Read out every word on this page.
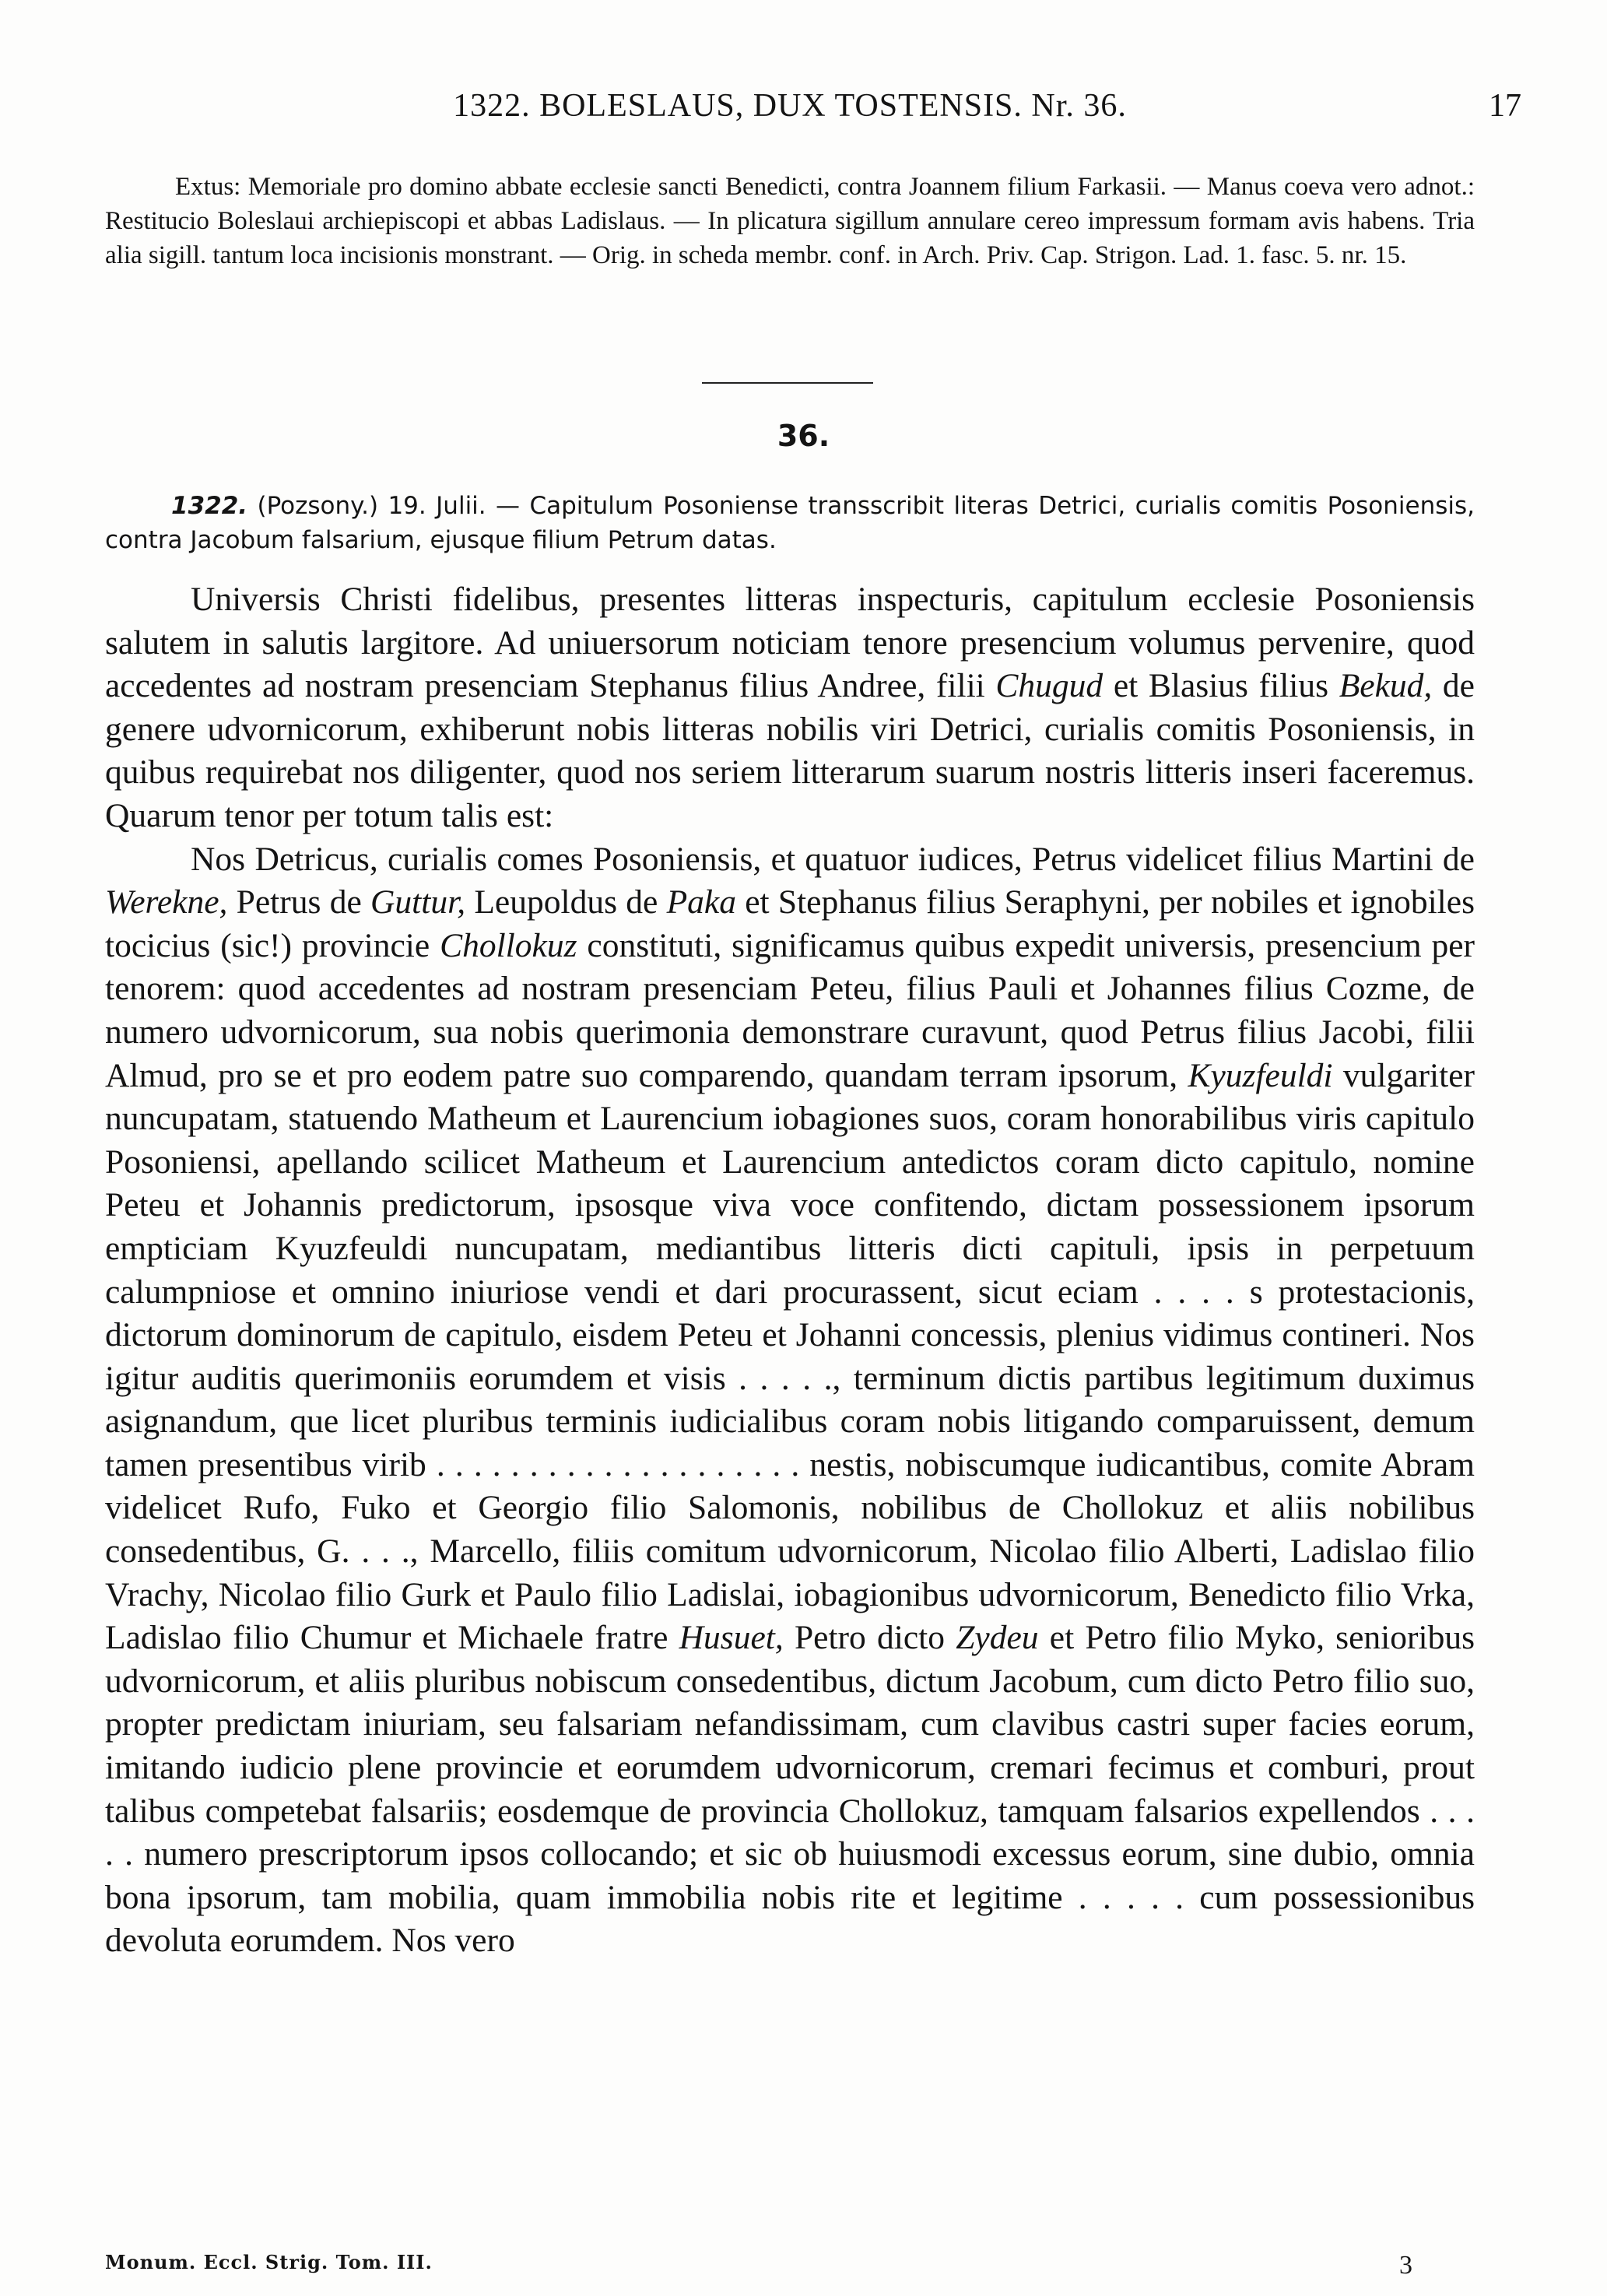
1322. BOLESLAUS, DUX TOSTENSIS. Nr. 36.	17
Extus: Memoriale pro domino abbate ecclesie sancti Benedicti, contra Joannem filium Farkasii. — Manus coeva vero adnot.: Restitucio Boleslaui archiepiscopi et abbas Ladislaus. — In plicatura sigillum annulare cereo impressum formam avis habens. Tria alia sigill. tantum loca incisionis monstrant. — Orig. in scheda membr. conf. in Arch. Priv. Cap. Strigon. Lad. 1. fasc. 5. nr. 15.
36.
1322. (Pozsony.) 19. Julii. — Capitulum Posoniense transscribit literas Detrici, curialis comitis Posoniensis, contra Jacobum falsarium, ejusque filium Petrum datas.

Universis Christi fidelibus, presentes litteras inspecturis, capitulum ecclesie Posoniensis salutem in salutis largitore. Ad uniuersorum noticiam tenore presencium volumus pervenire, quod accedentes ad nostram presenciam Stephanus filius Andree, filii Chugud et Blasius filius Bekud, de genere udvornicorum, exhiberunt nobis litteras nobilis viri Detrici, curialis comitis Posoniensis, in quibus requirebat nos diligenter, quod nos seriem litterarum suarum nostris litteris inseri faceremus. Quarum tenor per totum talis est:

Nos Detricus, curialis comes Posoniensis, et quatuor iudices, Petrus videlicet filius Martini de Werekne, Petrus de Guttur, Leupoldus de Paka et Stephanus filius Seraphyni, per nobiles et ignobiles tocicius (sic!) provincie Chollokuz constituti, significamus quibus expedit universis, presencium per tenorem: quod accedentes ad nostram presenciam Peteu, filius Pauli et Johannes filius Cozme, de numero udvornicorum, sua nobis querimonia demonstrare curavunt, quod Petrus filius Jacobi, filii Almud, pro se et pro eodem patre suo comparendo, quandam terram ipsorum, Kyuzfeuldi vulgariter nuncupatam, statuendo Matheum et Laurencium iobagiones suos, coram honorabilibus viris capitulo Posoniensi, apellando scilicet Matheum et Laurencium antedictos coram dicto capitulo, nomine Peteu et Johannis predictorum, ipsosque viva voce confitendo, dictam possessionem ipsorum empticiam Kyuzfeuldi nuncupatam, mediantibus litteris dicti capituli, ipsis in perpetuum calumpniose et omnino iniuriose vendi et dari procurassent, sicut eciam . . . . s protestacionis, dictorum dominorum de capitulo, eisdem Peteu et Johanni concessis, plenius vidimus contineri. Nos igitur auditis querimoniis eorumdem et visis . . . . ., terminum dictis partibus legitimum duximus asignandum, que licet pluribus terminis iudicialibus coram nobis litigando comparuissent, demum tamen presentibus virib . . . . . . . . . . . . . . . . . . . . nestis, nobiscumque iudicantibus, comite Abram videlicet Rufo, Fuko et Georgio filio Salomonis, nobilibus de Chollokuz et aliis nobilibus consedentibus, G. . . ., Marcello, filiis comitum udvornicorum, Nicolao filio Alberti, Ladislao filio Vrachy, Nicolao filio Gurk et Paulo filio Ladislai, iobagionibus udvornicorum, Benedicto filio Vrka, Ladislao filio Chumur et Michaele fratre Husuet, Petro dicto Zydeu et Petro filio Myko, senioribus udvornicorum, et aliis pluribus nobiscum consedentibus, dictum Jacobum, cum dicto Petro filio suo, propter predictam iniuriam, seu falsariam nefandissimam, cum clavibus castri super facies eorum, imitando iudicio plene provincie et eorumdem udvornicorum, cremari fecimus et comburi, prout talibus competebat falsariis; eosdemque de provincia Chollokuz, tamquam falsarios expellendos . . . . . numero prescriptorum ipsos collocando; et sic ob huiusmodi excessus eorum, sine dubio, omnia bona ipsorum, tam mobilia, quam immobilia nobis rite et legitime . . . . . cum possessionibus devoluta eorumdem. Nos vero

Monum. Eccl. Strig. Tom. III.	3
